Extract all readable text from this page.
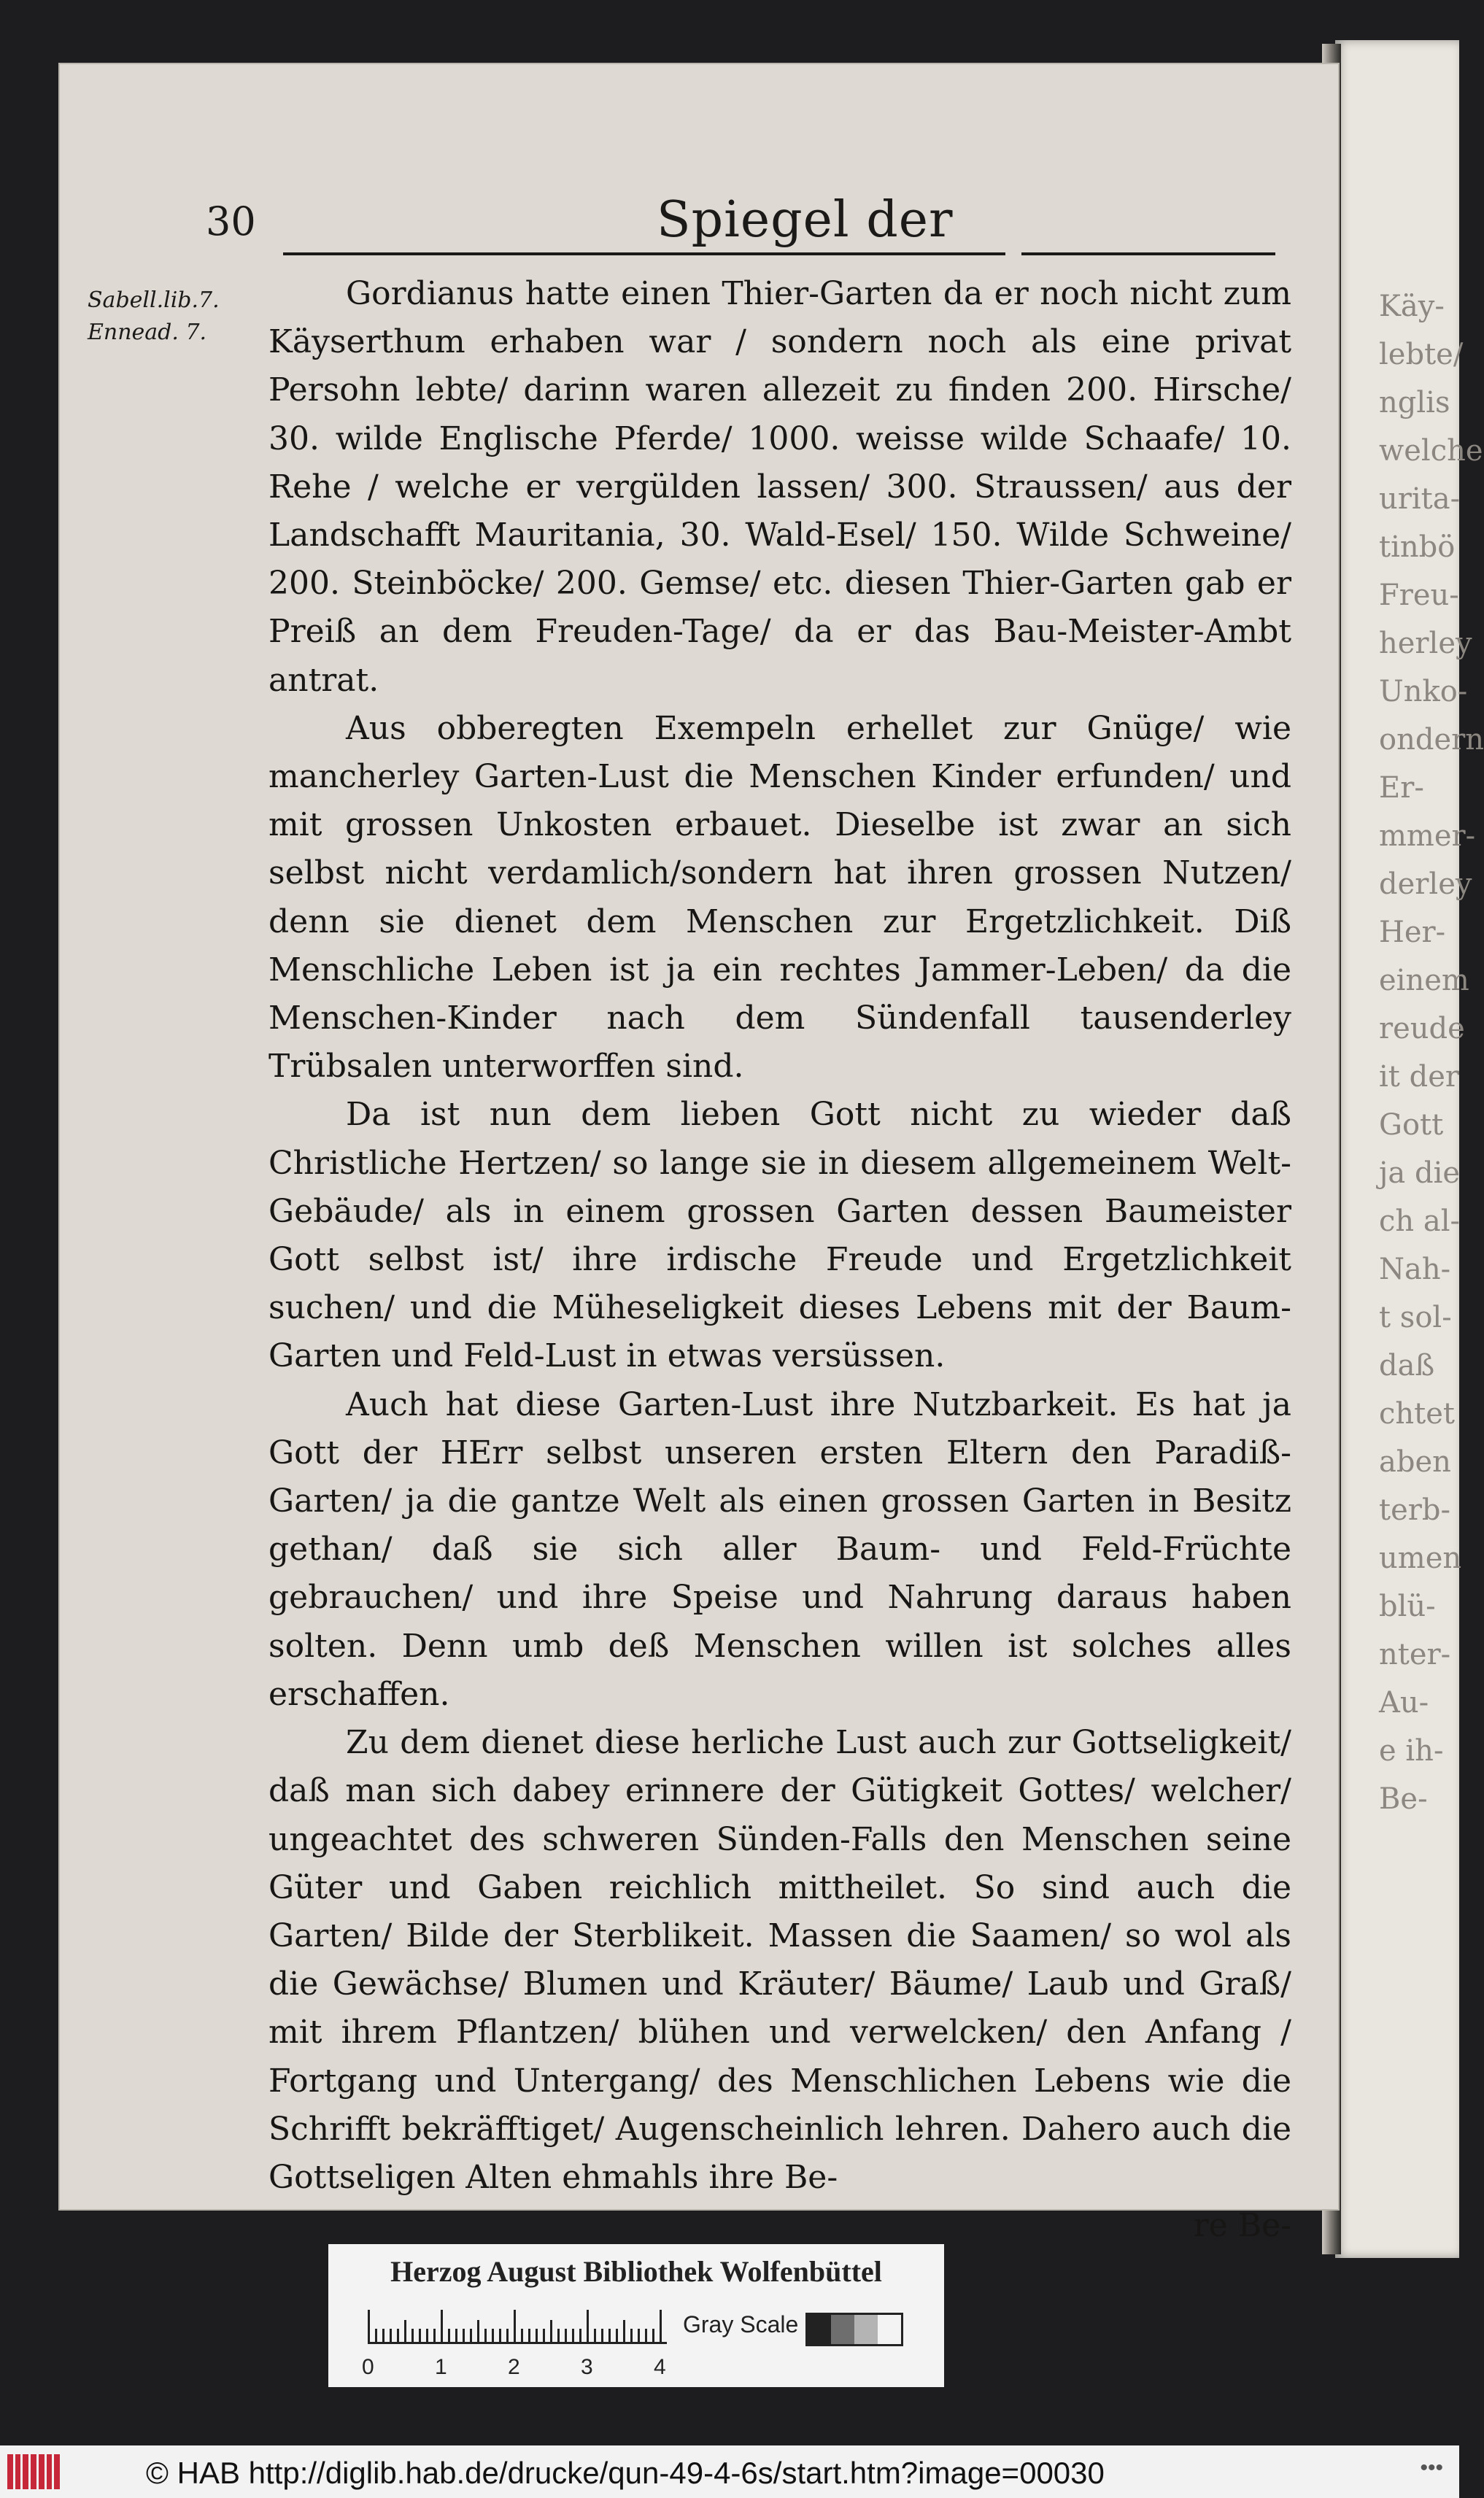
Käy-
lebte/
nglis
welche
urita-
tinbö
Freu-
herley
Unko-
ondern
Er-
mmer-
derley
Her-
einem
reude
it der
Gott
ja die
ch al-
Nah-
t sol-
daß
chtet
aben
terb-
umen
blü-
nter-
Au-
e ih-
Be-
30	Spiegel der
Sabell.lib.7.
Ennead. 7.

Gordianus hatte einen Thier-Garten da er noch nicht zum Käyserthum erhaben war / sondern noch als eine privat Persohn lebte/ darinn waren allezeit zu finden 200. Hirsche/ 30. wilde Englische Pferde/ 1000. weisse wilde Schaafe/ 10. Rehe / welche er vergülden lassen/ 300. Straussen/ aus der Landschafft Mauritania, 30. Wald-Esel/ 150. Wilde Schweine/ 200. Steinböcke/ 200. Gemse/ etc. diesen Thier-Garten gab er Preiß an dem Freuden-Tage/ da er das Bau-Meister-Ambt antrat.

Aus obberegten Exempeln erhellet zur Gnüge/ wie mancherley Garten-Lust die Menschen Kinder erfunden/ und mit grossen Unkosten erbauet. Dieselbe ist zwar an sich selbst nicht verdamlich/sondern hat ihren grossen Nutzen/ denn sie dienet dem Menschen zur Ergetzlichkeit. Diß Menschliche Leben ist ja ein rechtes Jammer-Leben/ da die Menschen-Kinder nach dem Sündenfall tausenderley Trübsalen unterworffen sind.

Da ist nun dem lieben Gott nicht zu wieder daß Christliche Hertzen/ so lange sie in diesem allgemeinem Welt-Gebäude/ als in einem grossen Garten dessen Baumeister Gott selbst ist/ ihre irdische Freude und Ergetzlichkeit suchen/ und die Müheseligkeit dieses Lebens mit der Baum-Garten und Feld-Lust in etwas versüssen.

Auch hat diese Garten-Lust ihre Nutzbarkeit. Es hat ja Gott der HErr selbst unseren ersten Eltern den Paradiß-Garten/ ja die gantze Welt als einen grossen Garten in Besitz gethan/ daß sie sich aller Baum- und Feld-Früchte gebrauchen/ und ihre Speise und Nahrung daraus haben solten. Denn umb deß Menschen willen ist solches alles erschaffen.

Zu dem dienet diese herliche Lust auch zur Gottseligkeit/ daß man sich dabey erinnere der Gütigkeit Gottes/ welcher/ ungeachtet des schweren Sünden-Falls den Menschen seine Güter und Gaben reichlich mittheilet. So sind auch die Garten/ Bilde der Sterblikeit. Massen die Saamen/ so wol als die Gewächse/ Blumen und Kräuter/ Bäume/ Laub und Graß/ mit ihrem Pflantzen/ blühen und verwelcken/ den Anfang / Fortgang und Untergang/ des Menschlichen Lebens wie die Schrifft bekräfftiget/ Augenscheinlich lehren. Dahero auch die Gottseligen Alten ehmahls ihre Be-

re Be-
Herzog August Bibliothek Wolfenbüttel
0	1	2	3	4
Gray Scale
© HAB http://diglib.hab.de/drucke/qun-49-4-6s/start.htm?image=00030	•••
